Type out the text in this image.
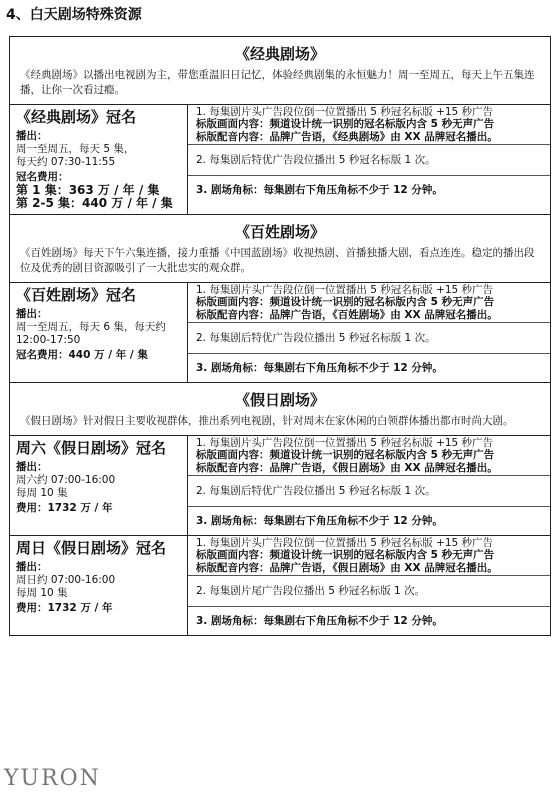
4、白天剧场特殊资源
《经典剧场》
《经典剧场》以播出电视剧为主，带您重温旧日记忆，体验经典剧集的永恒魅力！周一至周五，每天上午五集连播，让你一次看过瘾。
《经典剧场》冠名
播出：
周一至周五，每天 5 集，
每天约 07:30-11:55
冠名费用：
第 1 集：363 万 / 年 / 集
第 2-5 集：440 万 / 年 / 集
1. 每集剧片头广告段位倒一位置播出 5 秒冠名标版 +15 秒广告
标版画面内容：频道设计统一识别的冠名标版内含 5 秒无声广告
标版配音内容：品牌广告语，《经典剧场》由 XX 品牌冠名播出。
2. 每集剧后特优广告段位播出 5 秒冠名标版 1 次。
3. 剧场角标：每集剧右下角压角标不少于 12 分钟。
《百姓剧场》
《百姓剧场》每天下午六集连播，接力重播《中国蓝剧场》收视热剧、首播独播大剧，看点连连。稳定的播出段位及优秀的剧目资源吸引了一大批忠实的观众群。
《百姓剧场》冠名
播出：
周一至周五，每天 6 集，每天约
12:00-17:50
冠名费用：440 万 / 年 / 集
1. 每集剧片头广告段位倒一位置播出 5 秒冠名标版 +15 秒广告
标版画面内容：频道设计统一识别的冠名标版内含 5 秒无声广告
标版配音内容：品牌广告语，《百姓剧场》由 XX 品牌冠名播出。
2. 每集剧后特优广告段位播出 5 秒冠名标版 1 次。
3. 剧场角标：每集剧右下角压角标不少于 12 分钟。
《假日剧场》
《假日剧场》针对假日主要收视群体，推出系列电视剧，针对周末在家休闲的白领群体播出都市时尚大剧。
周六《假日剧场》冠名
播出：
周六约 07:00-16:00
每周 10 集
费用：1732 万 / 年
1. 每集剧片头广告段位倒一位置播出 5 秒冠名标版 +15 秒广告
标版画面内容：频道设计统一识别的冠名标版内含 5 秒无声广告
标版配音内容：品牌广告语，《假日剧场》由 XX 品牌冠名播出。
2. 每集剧后特优广告段位播出 5 秒冠名标版 1 次。
3. 剧场角标：每集剧右下角压角标不少于 12 分钟。
周日《假日剧场》冠名
播出：
周日约 07:00-16:00
每周 10 集
费用：1732 万 / 年
1. 每集剧片头广告段位倒一位置播出 5 秒冠名标版 +15 秒广告
标版画面内容：频道设计统一识别的冠名标版内含 5 秒无声广告
标版配音内容：品牌广告语，《假日剧场》由 XX 品牌冠名播出。
2. 每集剧片尾广告段位播出 5 秒冠名标版 1 次。
3. 剧场角标：每集剧右下角压角标不少于 12 分钟。
YURON
